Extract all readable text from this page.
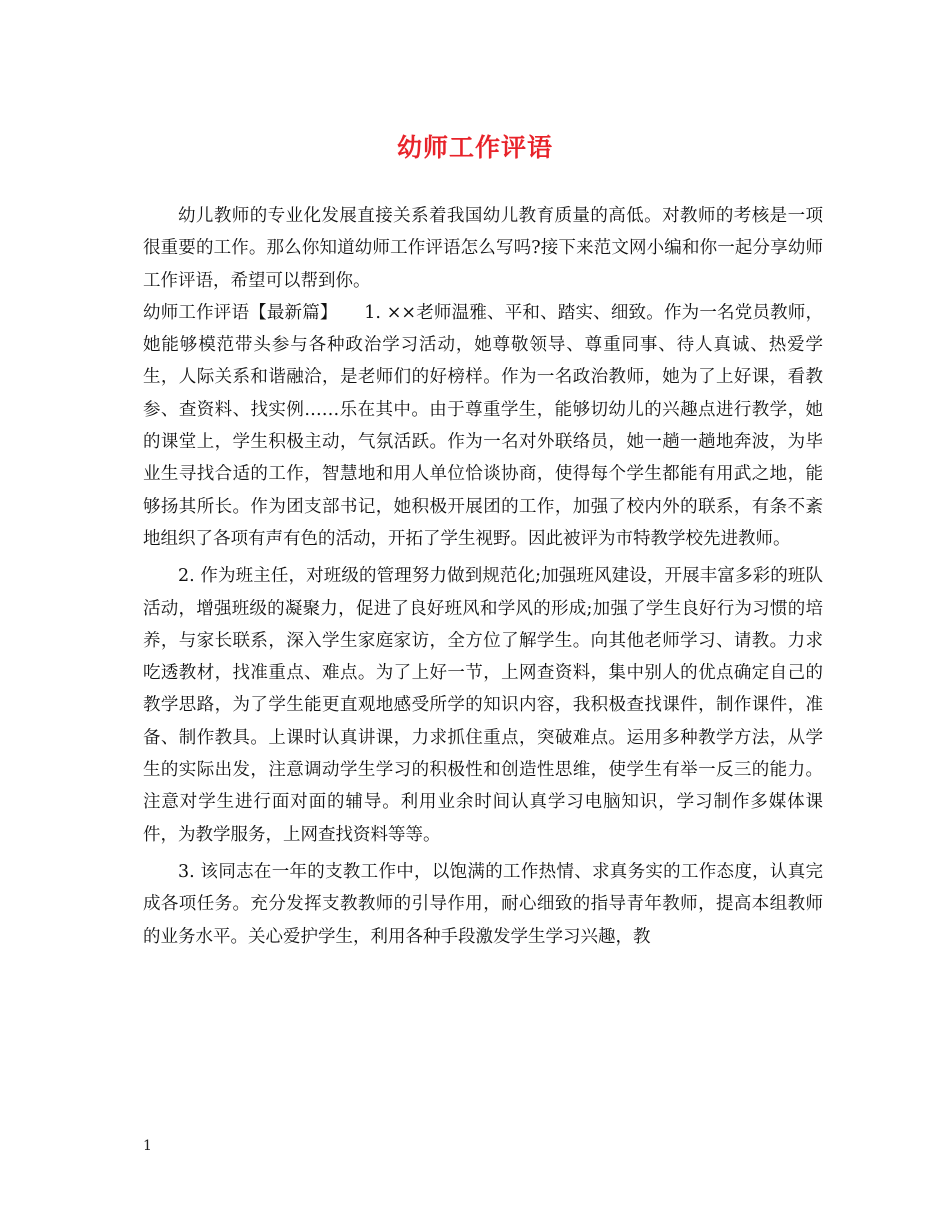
幼师工作评语

幼儿教师的专业化发展直接关系着我国幼儿教育质量的高低。对教师的考核是一项很重要的工作。那么你知道幼师工作评语怎么写吗?接下来范文网小编和你一起分享幼师工作评语，希望可以帮到你。

幼师工作评语【最新篇】　　1. ××老师温雅、平和、踏实、细致。作为一名党员教师，她能够模范带头参与各种政治学习活动，她尊敬领导、尊重同事、待人真诚、热爱学生，人际关系和谐融洽，是老师们的好榜样。作为一名政治教师，她为了上好课，看教参、查资料、找实例……乐在其中。由于尊重学生，能够切幼儿的兴趣点进行教学，她的课堂上，学生积极主动，气氛活跃。作为一名对外联络员，她一趟一趟地奔波，为毕业生寻找合适的工作，智慧地和用人单位恰谈协商，使得每个学生都能有用武之地，能够扬其所长。作为团支部书记，她积极开展团的工作，加强了校内外的联系，有条不紊地组织了各项有声有色的活动，开拓了学生视野。因此被评为市特教学校先进教师。

2. 作为班主任，对班级的管理努力做到规范化;加强班风建设，开展丰富多彩的班队活动，增强班级的凝聚力，促进了良好班风和学风的形成;加强了学生良好行为习惯的培养，与家长联系，深入学生家庭家访，全方位了解学生。向其他老师学习、请教。力求吃透教材，找准重点、难点。为了上好一节，上网查资料，集中别人的优点确定自己的教学思路，为了学生能更直观地感受所学的知识内容，我积极查找课件，制作课件，准备、制作教具。上课时认真讲课，力求抓住重点，突破难点。运用多种教学方法，从学生的实际出发，注意调动学生学习的积极性和创造性思维，使学生有举一反三的能力。注意对学生进行面对面的辅导。利用业余时间认真学习电脑知识，学习制作多媒体课件，为教学服务，上网查找资料等等。

3. 该同志在一年的支教工作中，以饱满的工作热情、求真务实的工作态度，认真完成各项任务。充分发挥支教教师的引导作用，耐心细致的指导青年教师，提高本组教师的业务水平。关心爱护学生，利用各种手段激发学生学习兴趣，教

1
